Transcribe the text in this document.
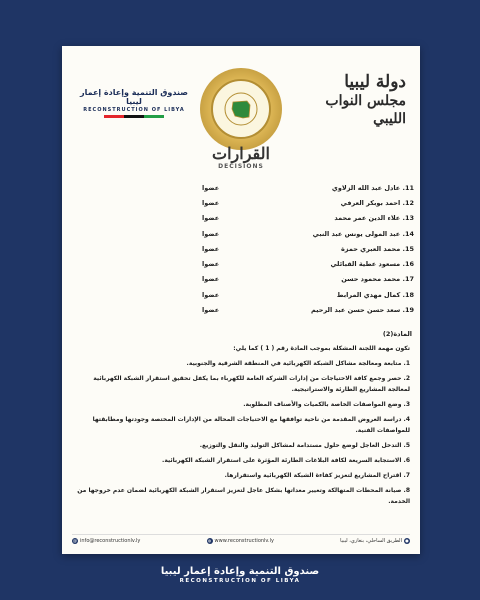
دولة ليبيا
مجلس النواب الليبي
صندوق التنمية وإعادة إعمار ليبيا
RECONSTRUCTION OF LIBYA
القرارات
DECISIONS
11. عادل عبد الله الزلاوي
عضوا
12. احمد بوبكر العرفي
عضوا
13. علاء الدين عمر محمد
عضوا
14. عبد المولى يونس عبد النبي
عضوا
15. محمد العبري حمزة
عضوا
16. مسعود عطية القبائلي
عضوا
17. محمد محمود حسن
عضوا
18. كمال مهدي المرابط
عضوا
19. سعد حسن حسن عبد الرحيم
عضوا
المادة(2)

تكون مهمة اللجنة المشكلة بموجب المادة رقم ( 1 ) كما يلي:

1. متابعة ومعالجة مشاكل الشبكة الكهربائية في المنطقة الشرقية والجنوبية.

2. حصر وجمع كافة الاحتياجات من إدارات الشركة العامة للكهرباء بما يكفل تحقيق استقرار الشبكة الكهربائية لمعالجة المشاريع الطارئة والاستراتيجية.

3. وضع المواصفات الخاصة بالكميات والأصناف المطلوبة.

4. دراسة العروض المقدمة من ناحية توافقها مع الاحتياجات المحالة من الإدارات المختصة وجودتها ومطابقتها للمواصفات الفنية.

5. التدخل العاجل لوضع حلول مستدامة لمشاكل التوليد والنقل والتوزيع.

6. الاستجابة السريعة لكافة البلاغات الطارئة المؤثرة على استقرار الشبكة الكهربائية.

7. اقتراح المشاريع لتعزيز كفاءة الشبكة الكهربائية واستقرارها.

8. صيانة المحطات المتهالكة وتغيير معداتها بشكل عاجل لتعزيز استقرار الشبكة الكهربائية لضمان عدم خروجها من الخدمة.

@ info@reconstructionlv.ly	◍ www.reconstructionlv.ly	●
الطريق الساحلي، بنغازي، ليبيا
صندوق التنمية وإعادة إعمار ليبيا
RECONSTRUCTION OF LIBYA
